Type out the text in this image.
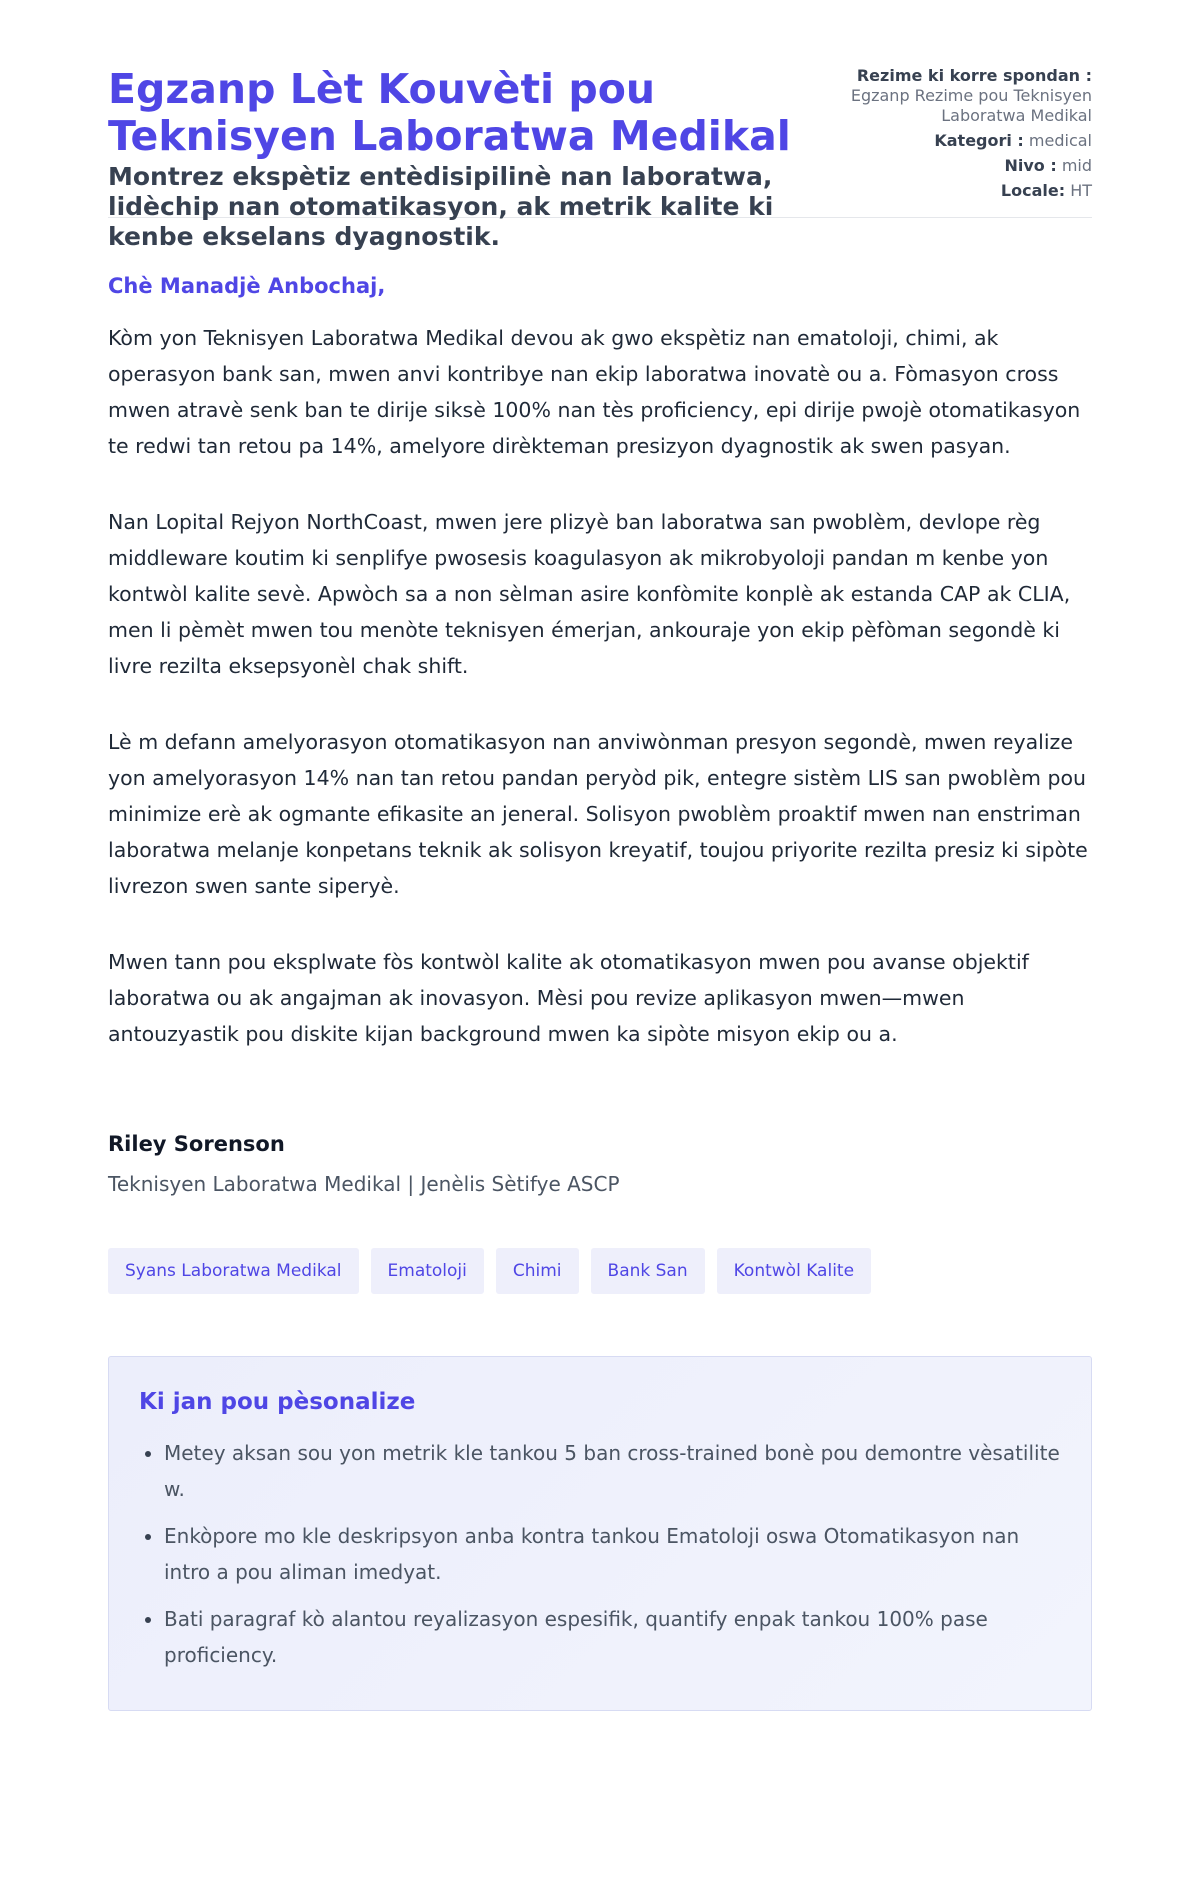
Egzanp Lèt Kouvèti pou Teknisyen Laboratwa Medikal
Montrez ekspètiz entèdisipilinè nan laboratwa, lidèchip nan otomatikasyon, ak metrik kalite ki kenbe ekselans dyagnostik.
Rezime ki korre spondan :
Egzanp Rezime pou Teknisyen Laboratwa Medikal
Kategori : medical
Nivo : mid
Locale: HT
Chè Manadjè Anbochaj,

Kòm yon Teknisyen Laboratwa Medikal devou ak gwo ekspètiz nan ematoloji, chimi, ak operasyon bank san, mwen anvi kontribye nan ekip laboratwa inovatè ou a. Fòmasyon cross mwen atravè senk ban te dirije siksè 100% nan tès proficiency, epi dirije pwojè otomatikasyon te redwi tan retou pa 14%, amelyore dirèkteman presizyon dyagnostik ak swen pasyan.

Nan Lopital Rejyon NorthCoast, mwen jere plizyè ban laboratwa san pwoblèm, devlope règ middleware koutim ki senplifye pwosesis koagulasyon ak mikrobyoloji pandan m kenbe yon kontwòl kalite sevè. Apwòch sa a non sèlman asire konfòmite konplè ak estanda CAP ak CLIA, men li pèmèt mwen tou menòte teknisyen émerjan, ankouraje yon ekip pèfòman segondè ki livre rezilta eksepsyonèl chak shift.

Lè m defann amelyorasyon otomatikasyon nan anviwònman presyon segondè, mwen reyalize yon amelyorasyon 14% nan tan retou pandan peryòd pik, entegre sistèm LIS san pwoblèm pou minimize erè ak ogmante efikasite an jeneral. Solisyon pwoblèm proaktif mwen nan enstriman laboratwa melanje konpetans teknik ak solisyon kreyatif, toujou priyorite rezilta presiz ki sipòte livrezon swen sante siperyè.

Mwen tann pou eksplwate fòs kontwòl kalite ak otomatikasyon mwen pou avanse objektif laboratwa ou ak angajman ak inovasyon. Mèsi pou revize aplikasyon mwen—mwen antouzyastik pou diskite kijan background mwen ka sipòte misyon ekip ou a.

Riley Sorenson
Teknisyen Laboratwa Medikal | Jenèlis Sètifye ASCP
Syans Laboratwa Medikal	Ematoloji	Chimi	Bank San	Kontwòl Kalite
Ki jan pou pèsonalize
• Metey aksan sou yon metrik kle tankou 5 ban cross-trained bonè pou demontre vèsatilite w.
• Enkòpore mo kle deskripsyon anba kontra tankou Ematoloji oswa Otomatikasyon nan intro a pou aliman imedyat.
• Bati paragraf kò alantou reyalizasyon espesifik, quantify enpak tankou 100% pase proficiency.
